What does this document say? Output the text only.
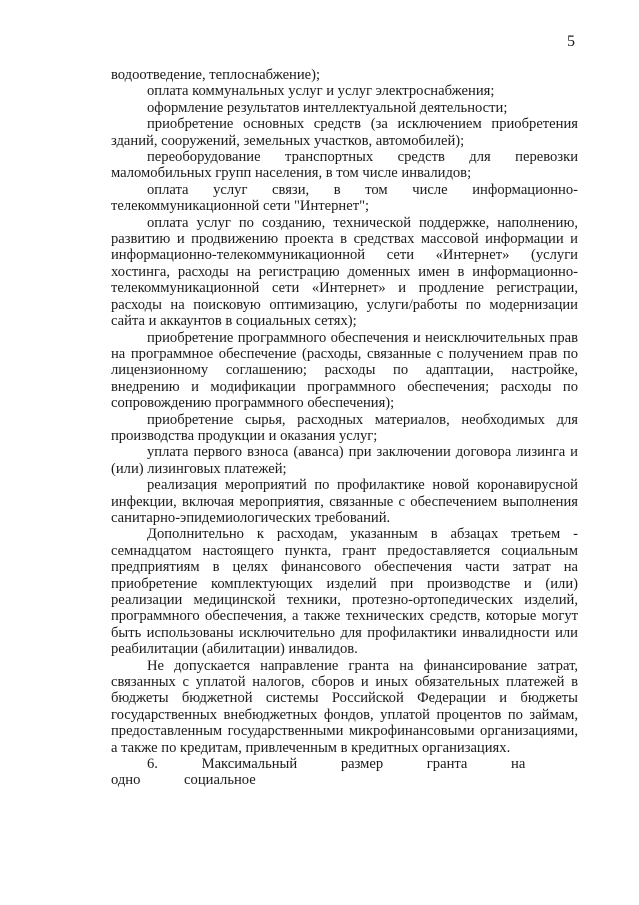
5

водоотведение, теплоснабжение);

оплата коммунальных услуг и услуг электроснабжения;

оформление результатов интеллектуальной деятельности;

приобретение основных средств (за исключением приобретения зданий, сооружений, земельных участков, автомобилей);

переоборудование транспортных средств для перевозки маломобильных групп населения, в том числе инвалидов;

оплата услуг связи, в том числе информационно-телекоммуникационной сети "Интернет";

оплата услуг по созданию, технической поддержке, наполнению, развитию и продвижению проекта в средствах массовой информации и информационно-телекоммуникационной сети «Интернет» (услуги хостинга, расходы на регистрацию доменных имен в информационно-телекоммуникационной сети «Интернет» и продление регистрации, расходы на поисковую оптимизацию, услуги/работы по модернизации сайта и аккаунтов в социальных сетях);

приобретение программного обеспечения и неисключительных прав на программное обеспечение (расходы, связанные с получением прав по лицензионному соглашению; расходы по адаптации, настройке, внедрению и модификации программного обеспечения; расходы по сопровождению программного обеспечения);

приобретение сырья, расходных материалов, необходимых для производства продукции и оказания услуг;

уплата первого взноса (аванса) при заключении договора лизинга и (или) лизинговых платежей;

реализация мероприятий по профилактике новой коронавирусной инфекции, включая мероприятия, связанные с обеспечением выполнения санитарно-эпидемиологических требований.

Дополнительно к расходам, указанным в абзацах третьем - семнадцатом настоящего пункта, грант предоставляется социальным предприятиям в целях финансового обеспечения части затрат на приобретение комплектующих изделий при производстве и (или) реализации медицинской техники, протезно-ортопедических изделий, программного обеспечения, а также технических средств, которые могут быть использованы исключительно для профилактики инвалидности или реабилитации (абилитации) инвалидов.

Не допускается направление гранта на финансирование затрат, связанных с уплатой налогов, сборов и иных обязательных платежей в бюджеты бюджетной системы Российской Федерации и бюджеты государственных внебюджетных фондов, уплатой процентов по займам, предоставленным государственными микрофинансовыми организациями, а также по кредитам, привлеченным в кредитных организациях.

6. Максимальный размер гранта на одно социальное
